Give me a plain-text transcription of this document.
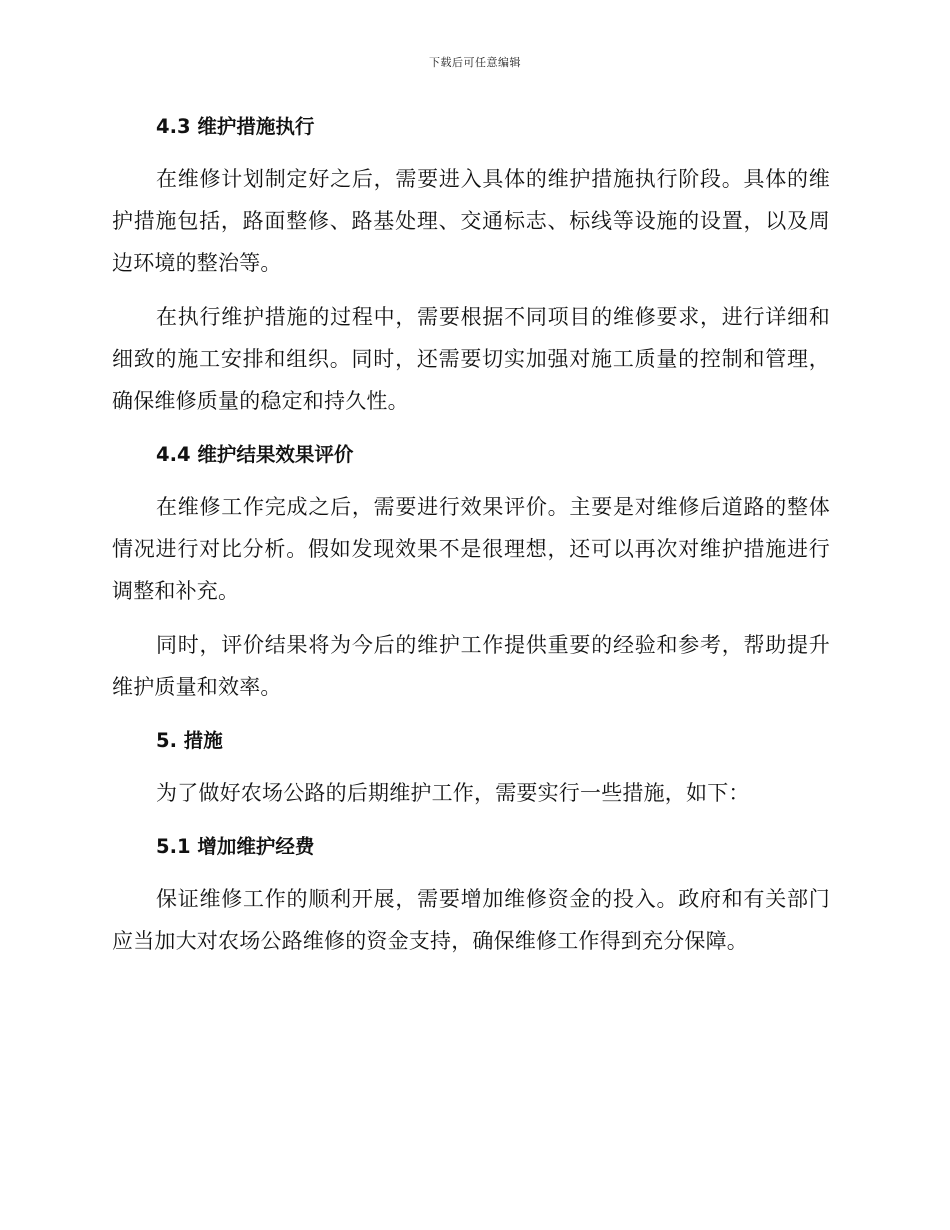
下载后可任意编辑
4.3 维护措施执行

在维修计划制定好之后，需要进入具体的维护措施执行阶段。具体的维护措施包括，路面整修、路基处理、交通标志、标线等设施的设置，以及周边环境的整治等。

在执行维护措施的过程中，需要根据不同项目的维修要求，进行详细和细致的施工安排和组织。同时，还需要切实加强对施工质量的控制和管理，确保维修质量的稳定和持久性。

4.4 维护结果效果评价

在维修工作完成之后，需要进行效果评价。主要是对维修后道路的整体情况进行对比分析。假如发现效果不是很理想，还可以再次对维护措施进行调整和补充。

同时，评价结果将为今后的维护工作提供重要的经验和参考，帮助提升维护质量和效率。

5. 措施

为了做好农场公路的后期维护工作，需要实行一些措施，如下：

5.1 增加维护经费

保证维修工作的顺利开展，需要增加维修资金的投入。政府和有关部门应当加大对农场公路维修的资金支持，确保维修工作得到充分保障。
